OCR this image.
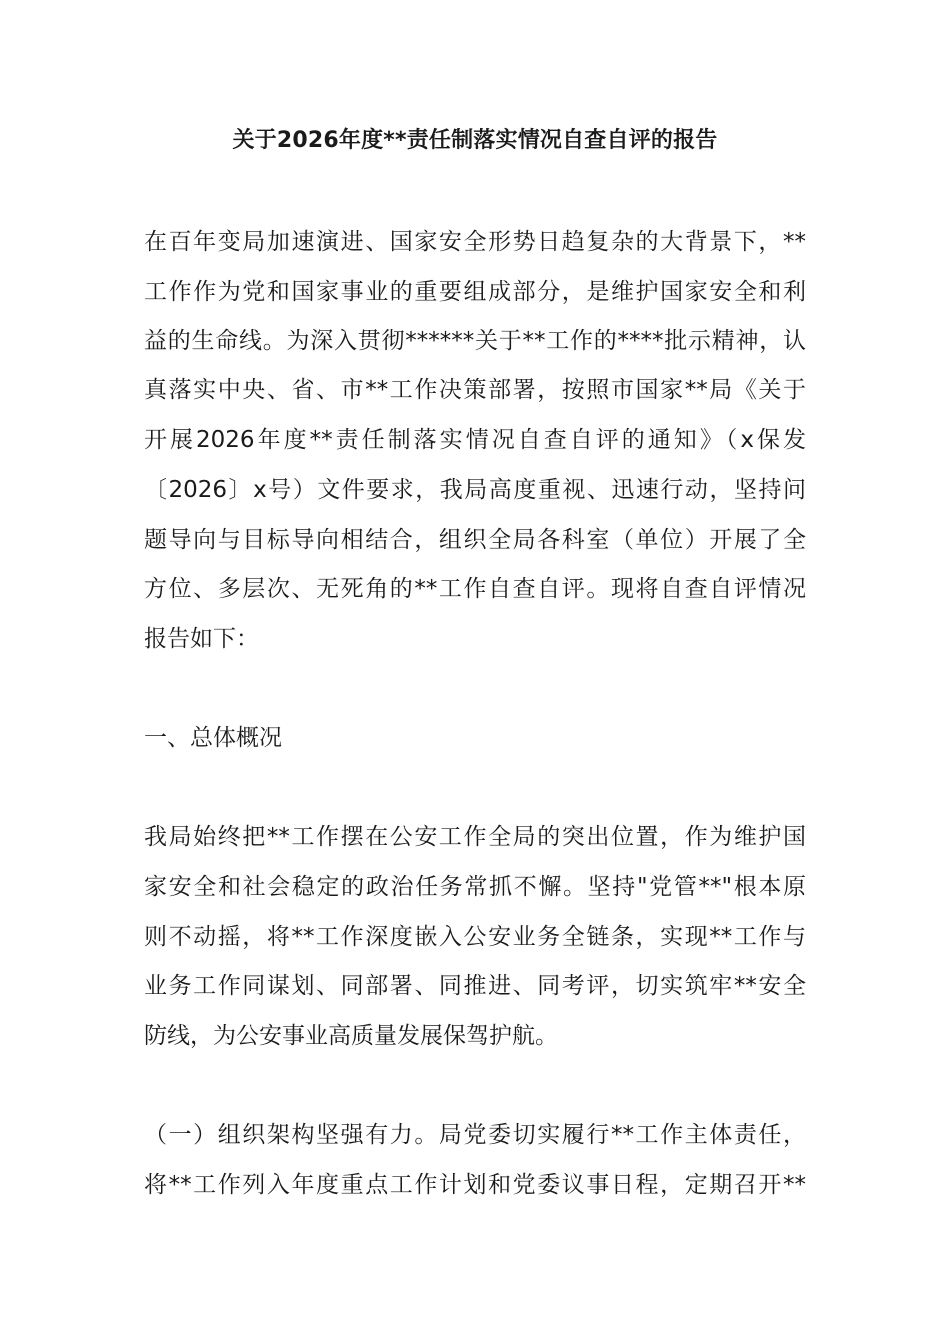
关于2026年度**责任制落实情况自查自评的报告
在百年变局加速演进、国家安全形势日趋复杂的大背景下，**
工作作为党和国家事业的重要组成部分，是维护国家安全和利
益的生命线。为深入贯彻******关于**工作的****批示精神，认
真落实中央、省、市**工作决策部署，按照市国家**局《关于
开展2026年度**责任制落实情况自查自评的通知》（x保发
〔2026〕x号）文件要求，我局高度重视、迅速行动，坚持问
题导向与目标导向相结合，组织全局各科室（单位）开展了全
方位、多层次、无死角的**工作自查自评。现将自查自评情况
报告如下：
一、总体概况
我局始终把**工作摆在公安工作全局的突出位置，作为维护国
家安全和社会稳定的政治任务常抓不懈。坚持"党管**"根本原
则不动摇，将**工作深度嵌入公安业务全链条，实现**工作与
业务工作同谋划、同部署、同推进、同考评，切实筑牢**安全
防线，为公安事业高质量发展保驾护航。
（一）组织架构坚强有力。局党委切实履行**工作主体责任，
将**工作列入年度重点工作计划和党委议事日程，定期召开**
